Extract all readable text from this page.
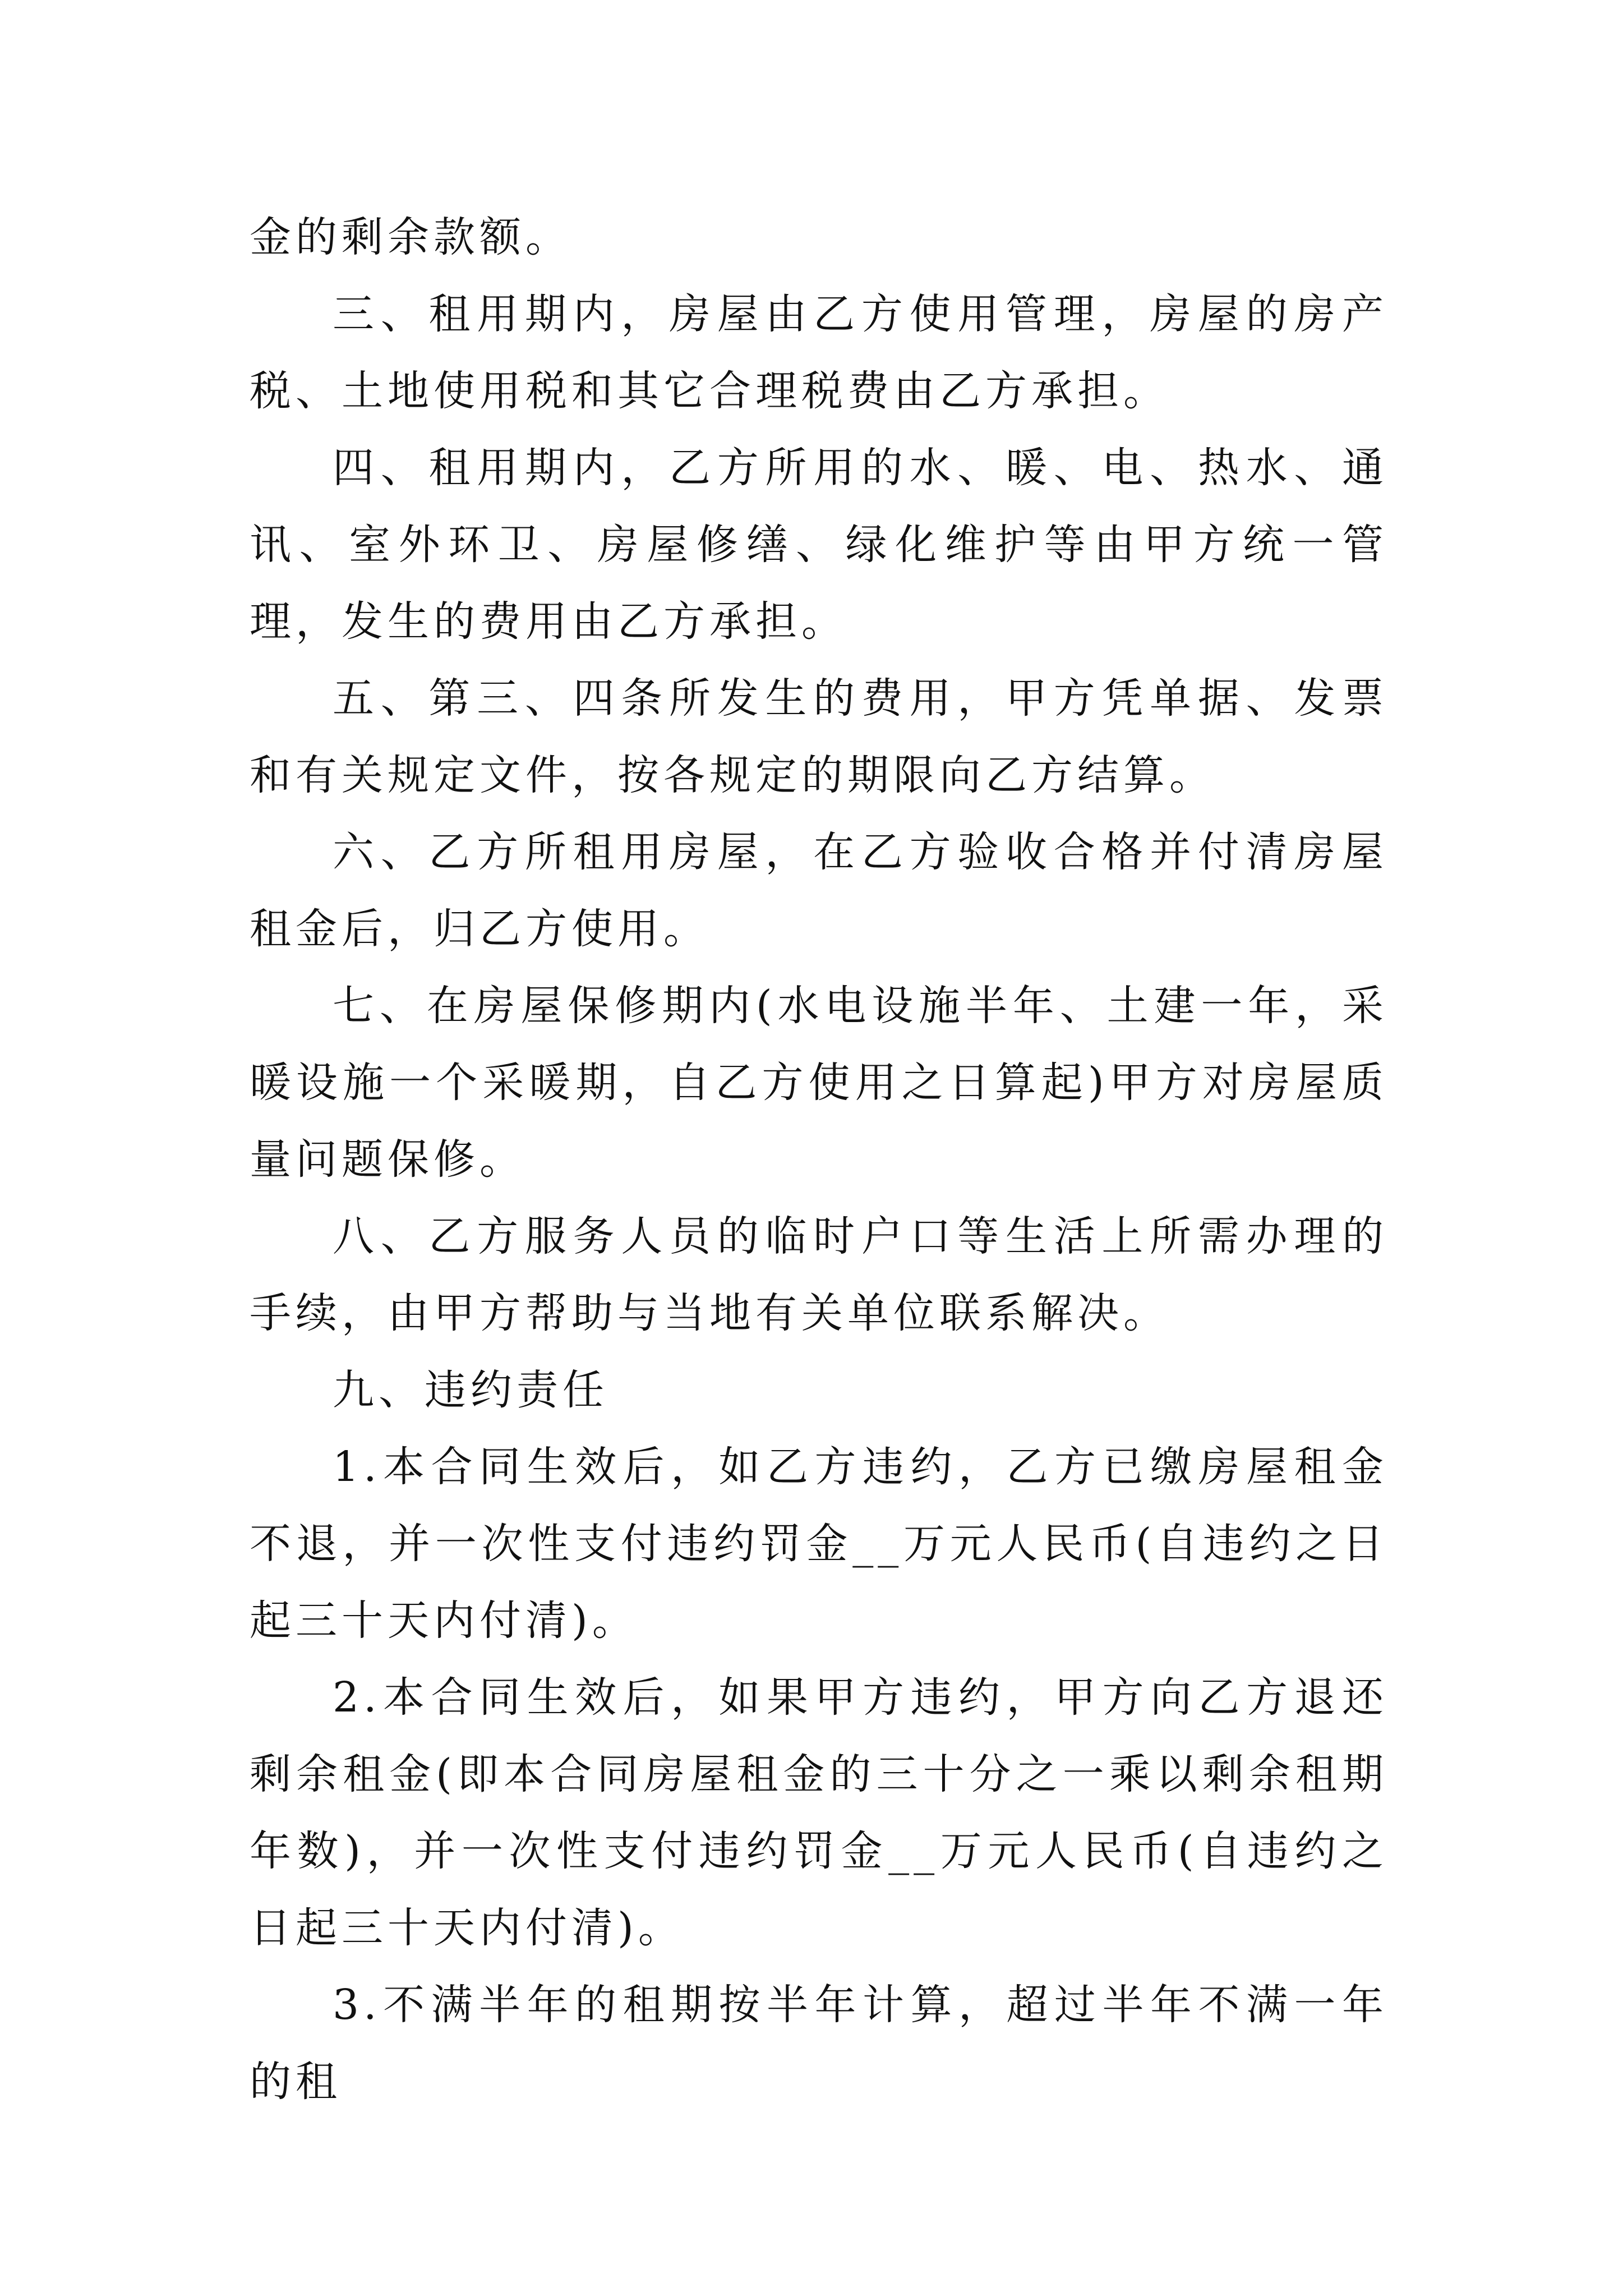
金的剩余款额。

三、租用期内，房屋由乙方使用管理，房屋的房产税、土地使用税和其它合理税费由乙方承担。

四、租用期内，乙方所用的水、暖、电、热水、通讯、室外环卫、房屋修缮、绿化维护等由甲方统一管理，发生的费用由乙方承担。

五、第三、四条所发生的费用，甲方凭单据、发票和有关规定文件，按各规定的期限向乙方结算。

六、乙方所租用房屋，在乙方验收合格并付清房屋租金后，归乙方使用。

七、在房屋保修期内(水电设施半年、土建一年，采暖设施一个采暖期，自乙方使用之日算起)甲方对房屋质量问题保修。

八、乙方服务人员的临时户口等生活上所需办理的手续，由甲方帮助与当地有关单位联系解决。

九、违约责任

1.本合同生效后，如乙方违约，乙方已缴房屋租金不退，并一次性支付违约罚金__万元人民币(自违约之日起三十天内付清)。

2.本合同生效后，如果甲方违约，甲方向乙方退还剩余租金(即本合同房屋租金的三十分之一乘以剩余租期年数)，并一次性支付违约罚金__万元人民币(自违约之日起三十天内付清)。

3.不满半年的租期按半年计算，超过半年不满一年的租
